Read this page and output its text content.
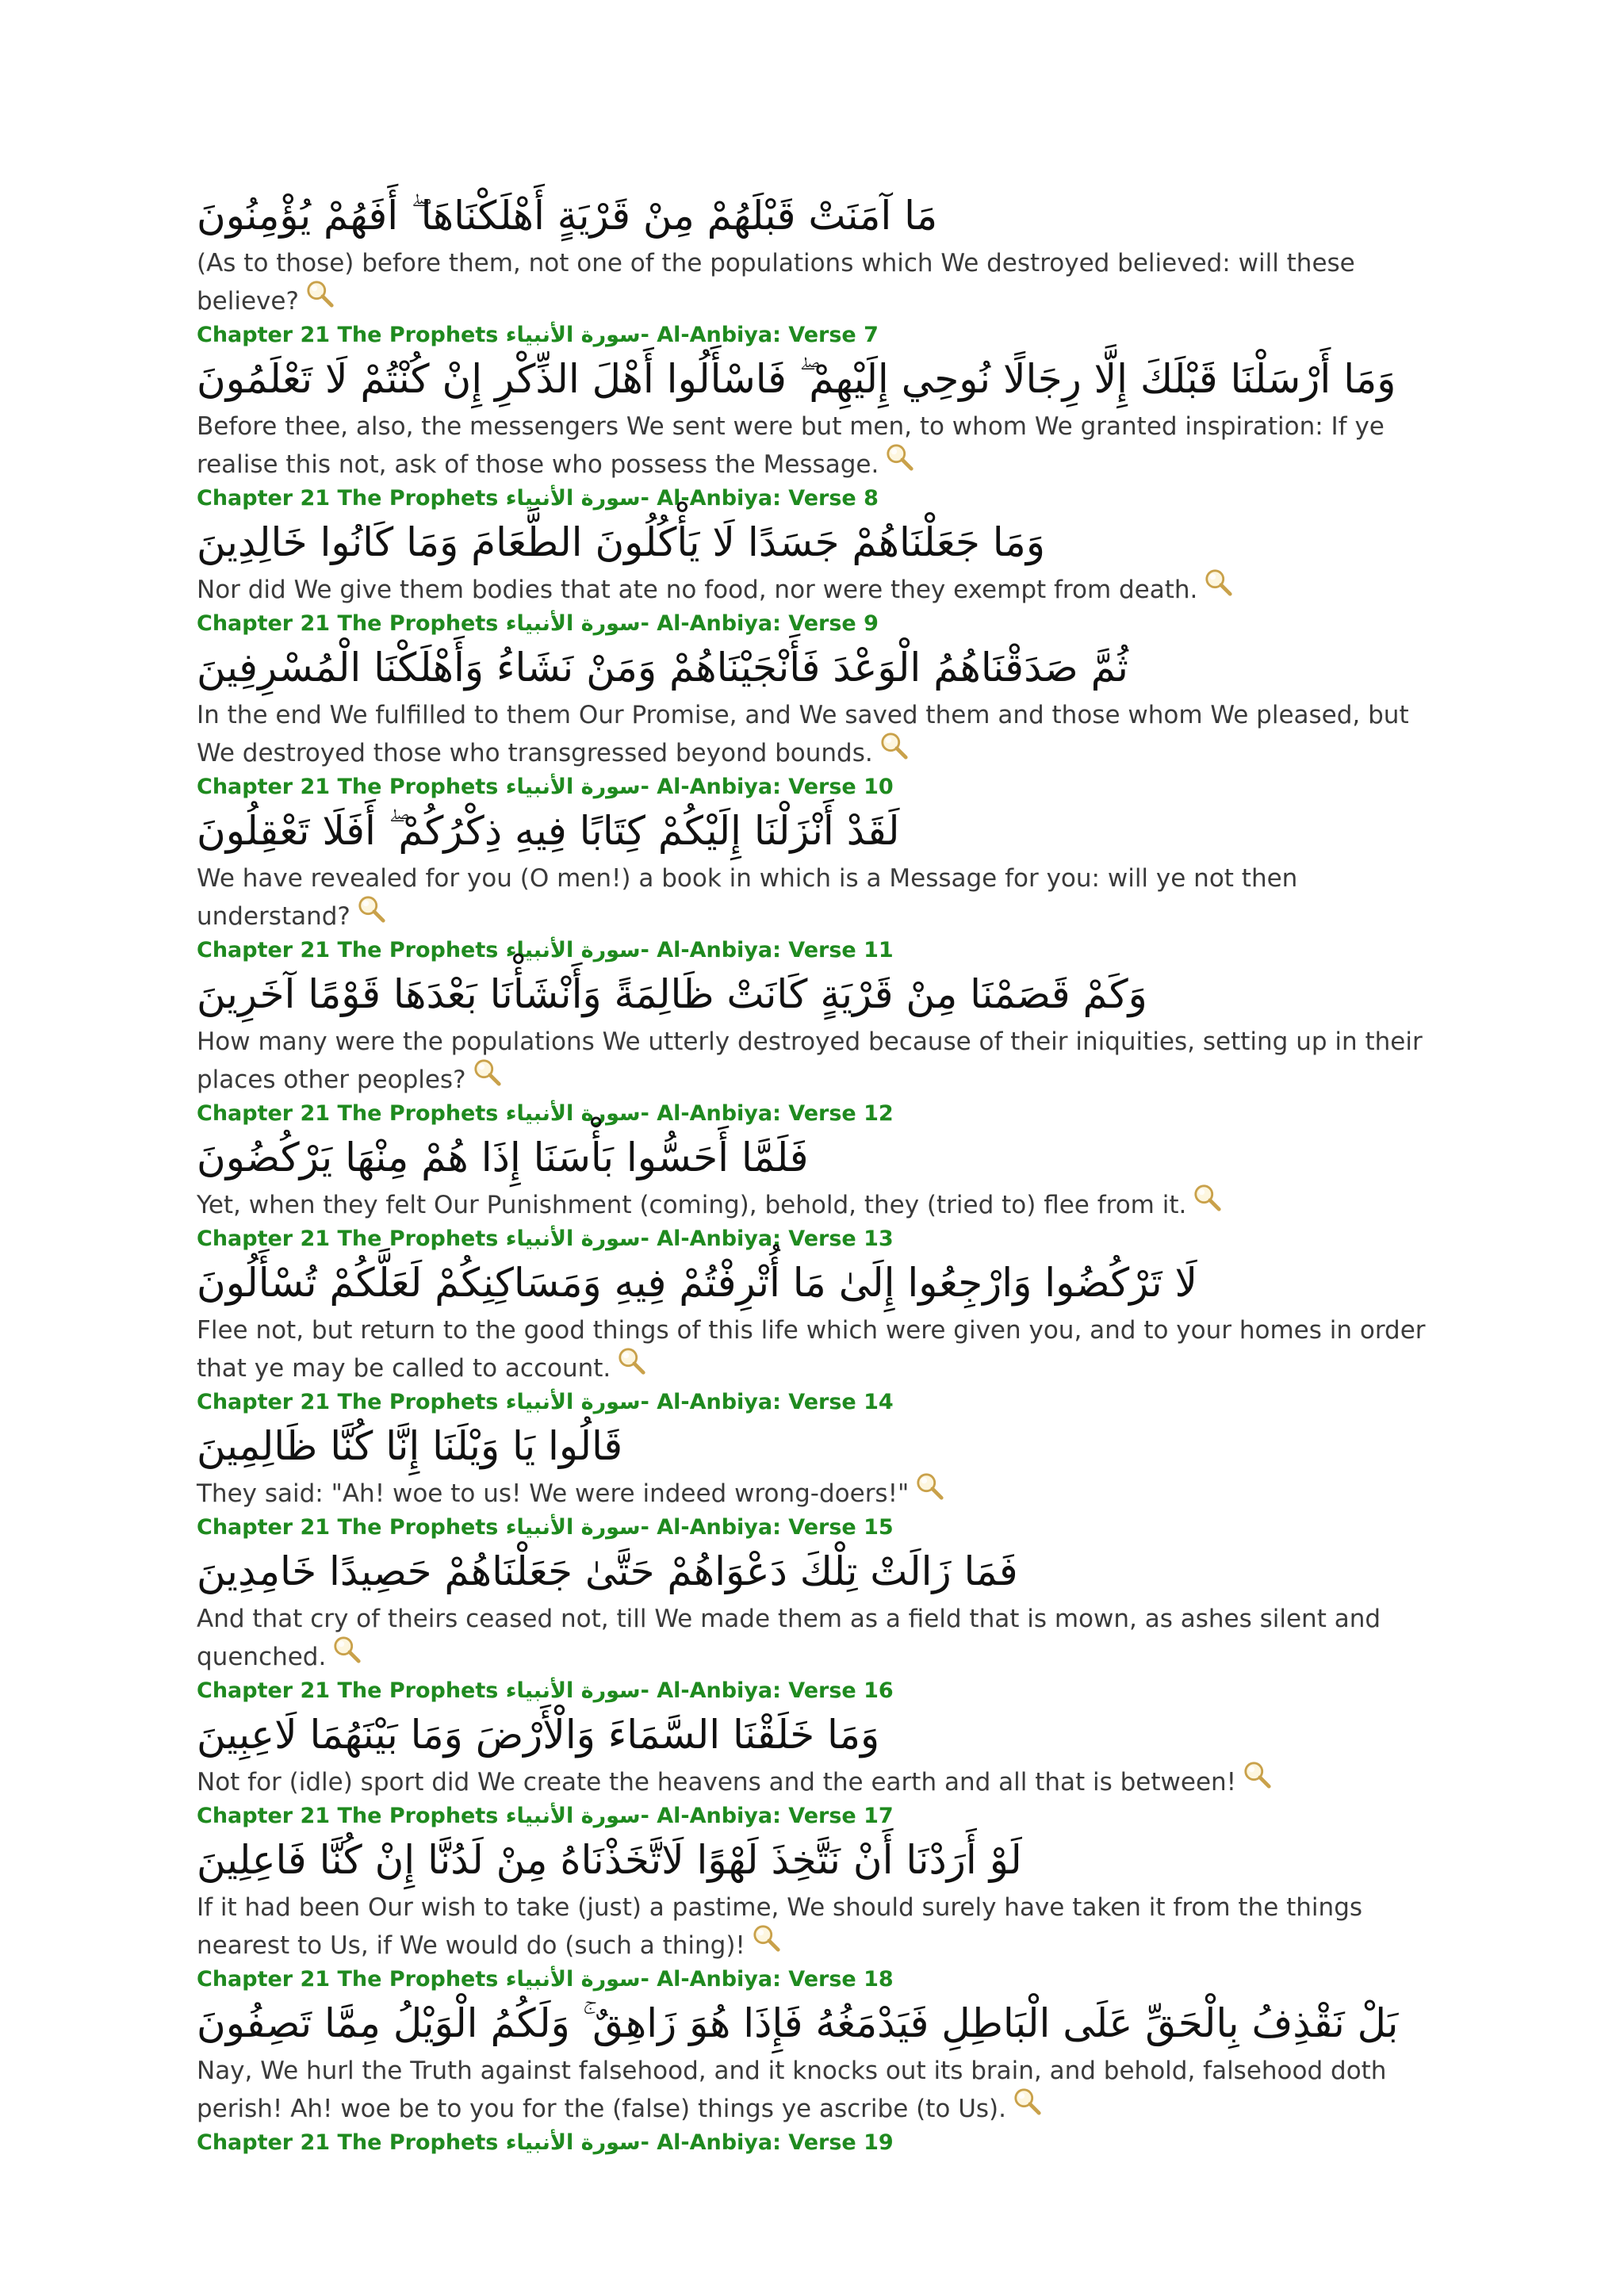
مَا آمَنَتْ قَبْلَهُمْ مِنْ قَرْيَةٍ أَهْلَكْنَاهَا ۖ أَفَهُمْ يُؤْمِنُونَ

(As to those) before them, not one of the populations which We destroyed believed: will these believe?

Chapter 21 The Prophets سورة الأنبياء- Al-Anbiya: Verse 7

وَمَا أَرْسَلْنَا قَبْلَكَ إِلَّا رِجَالًا نُوحِي إِلَيْهِمْ ۖ فَاسْأَلُوا أَهْلَ الذِّكْرِ إِنْ كُنْتُمْ لَا تَعْلَمُونَ

Before thee, also, the messengers We sent were but men, to whom We granted inspiration: If ye realise this not, ask of those who possess the Message.

Chapter 21 The Prophets سورة الأنبياء- Al-Anbiya: Verse 8

وَمَا جَعَلْنَاهُمْ جَسَدًا لَا يَأْكُلُونَ الطَّعَامَ وَمَا كَانُوا خَالِدِينَ

Nor did We give them bodies that ate no food, nor were they exempt from death.

Chapter 21 The Prophets سورة الأنبياء- Al-Anbiya: Verse 9

ثُمَّ صَدَقْنَاهُمُ الْوَعْدَ فَأَنْجَيْنَاهُمْ وَمَنْ نَشَاءُ وَأَهْلَكْنَا الْمُسْرِفِينَ

In the end We fulfilled to them Our Promise, and We saved them and those whom We pleased, but We destroyed those who transgressed beyond bounds.

Chapter 21 The Prophets سورة الأنبياء- Al-Anbiya: Verse 10

لَقَدْ أَنْزَلْنَا إِلَيْكُمْ كِتَابًا فِيهِ ذِكْرُكُمْ ۖ أَفَلَا تَعْقِلُونَ

We have revealed for you (O men!) a book in which is a Message for you: will ye not then understand?

Chapter 21 The Prophets سورة الأنبياء- Al-Anbiya: Verse 11

وَكَمْ قَصَمْنَا مِنْ قَرْيَةٍ كَانَتْ ظَالِمَةً وَأَنْشَأْنَا بَعْدَهَا قَوْمًا آخَرِينَ

How many were the populations We utterly destroyed because of their iniquities, setting up in their places other peoples?

Chapter 21 The Prophets سورة الأنبياء- Al-Anbiya: Verse 12

فَلَمَّا أَحَسُّوا بَأْسَنَا إِذَا هُمْ مِنْهَا يَرْكُضُونَ

Yet, when they felt Our Punishment (coming), behold, they (tried to) flee from it.

Chapter 21 The Prophets سورة الأنبياء- Al-Anbiya: Verse 13

لَا تَرْكُضُوا وَارْجِعُوا إِلَىٰ مَا أُتْرِفْتُمْ فِيهِ وَمَسَاكِنِكُمْ لَعَلَّكُمْ تُسْأَلُونَ

Flee not, but return to the good things of this life which were given you, and to your homes in order that ye may be called to account.

Chapter 21 The Prophets سورة الأنبياء- Al-Anbiya: Verse 14

قَالُوا يَا وَيْلَنَا إِنَّا كُنَّا ظَالِمِينَ

They said: "Ah! woe to us! We were indeed wrong-doers!"

Chapter 21 The Prophets سورة الأنبياء- Al-Anbiya: Verse 15

فَمَا زَالَتْ تِلْكَ دَعْوَاهُمْ حَتَّىٰ جَعَلْنَاهُمْ حَصِيدًا خَامِدِينَ

And that cry of theirs ceased not, till We made them as a field that is mown, as ashes silent and quenched.

Chapter 21 The Prophets سورة الأنبياء- Al-Anbiya: Verse 16

وَمَا خَلَقْنَا السَّمَاءَ وَالْأَرْضَ وَمَا بَيْنَهُمَا لَاعِبِينَ

Not for (idle) sport did We create the heavens and the earth and all that is between!

Chapter 21 The Prophets سورة الأنبياء- Al-Anbiya: Verse 17

لَوْ أَرَدْنَا أَنْ نَتَّخِذَ لَهْوًا لَاتَّخَذْنَاهُ مِنْ لَدُنَّا إِنْ كُنَّا فَاعِلِينَ

If it had been Our wish to take (just) a pastime, We should surely have taken it from the things nearest to Us, if We would do (such a thing)!

Chapter 21 The Prophets سورة الأنبياء- Al-Anbiya: Verse 18

بَلْ نَقْذِفُ بِالْحَقِّ عَلَى الْبَاطِلِ فَيَدْمَغُهُ فَإِذَا هُوَ زَاهِقٌ ۚ وَلَكُمُ الْوَيْلُ مِمَّا تَصِفُونَ

Nay, We hurl the Truth against falsehood, and it knocks out its brain, and behold, falsehood doth perish! Ah! woe be to you for the (false) things ye ascribe (to Us).

Chapter 21 The Prophets سورة الأنبياء- Al-Anbiya: Verse 19
